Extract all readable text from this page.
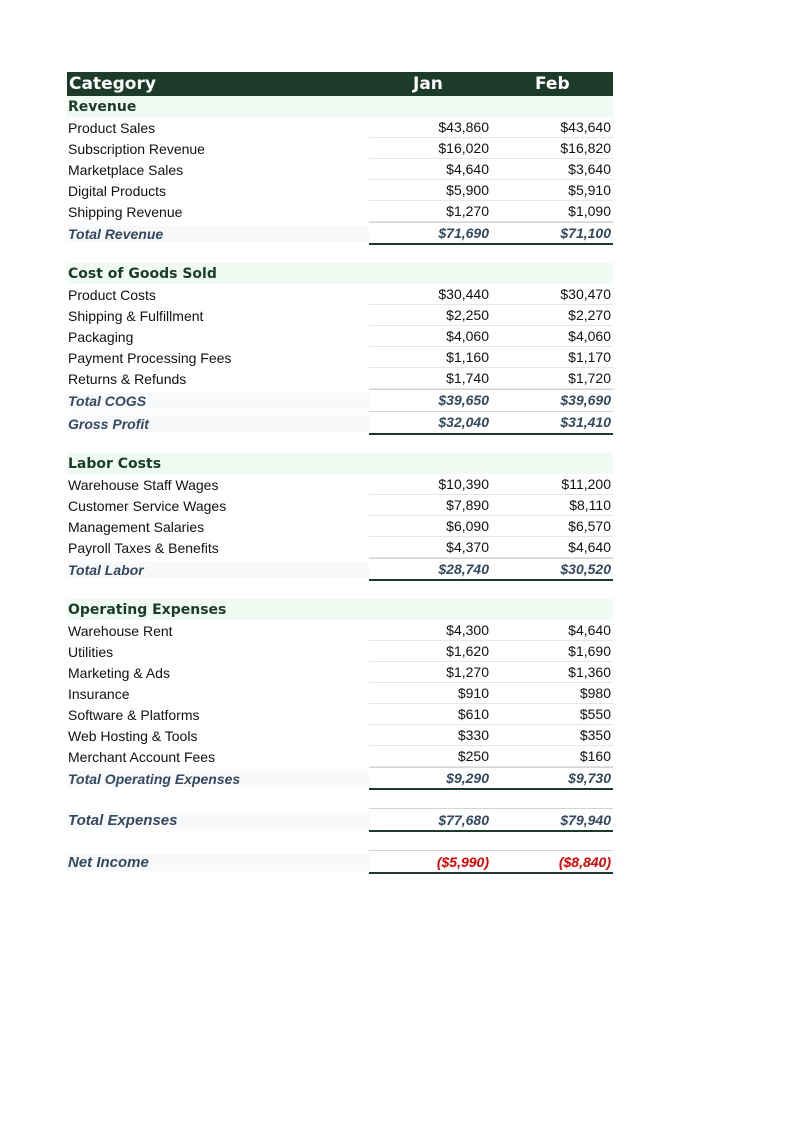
Category	Jan	Feb
Revenue
Product Sales	$43,860	$43,640
Subscription Revenue	$16,020	$16,820
Marketplace Sales	$4,640	$3,640
Digital Products	$5,900	$5,910
Shipping Revenue	$1,270	$1,090
Total Revenue	$71,690	$71,100
Cost of Goods Sold
Product Costs	$30,440	$30,470
Shipping & Fulfillment	$2,250	$2,270
Packaging	$4,060	$4,060
Payment Processing Fees	$1,160	$1,170
Returns & Refunds	$1,740	$1,720
Total COGS	$39,650	$39,690
Gross Profit	$32,040	$31,410
Labor Costs
Warehouse Staff Wages	$10,390	$11,200
Customer Service Wages	$7,890	$8,110
Management Salaries	$6,090	$6,570
Payroll Taxes & Benefits	$4,370	$4,640
Total Labor	$28,740	$30,520
Operating Expenses
Warehouse Rent	$4,300	$4,640
Utilities	$1,620	$1,690
Marketing & Ads	$1,270	$1,360
Insurance	$910	$980
Software & Platforms	$610	$550
Web Hosting & Tools	$330	$350
Merchant Account Fees	$250	$160
Total Operating Expenses	$9,290	$9,730
Total Expenses	$77,680	$79,940
Net Income	($5,990)	($8,840)
